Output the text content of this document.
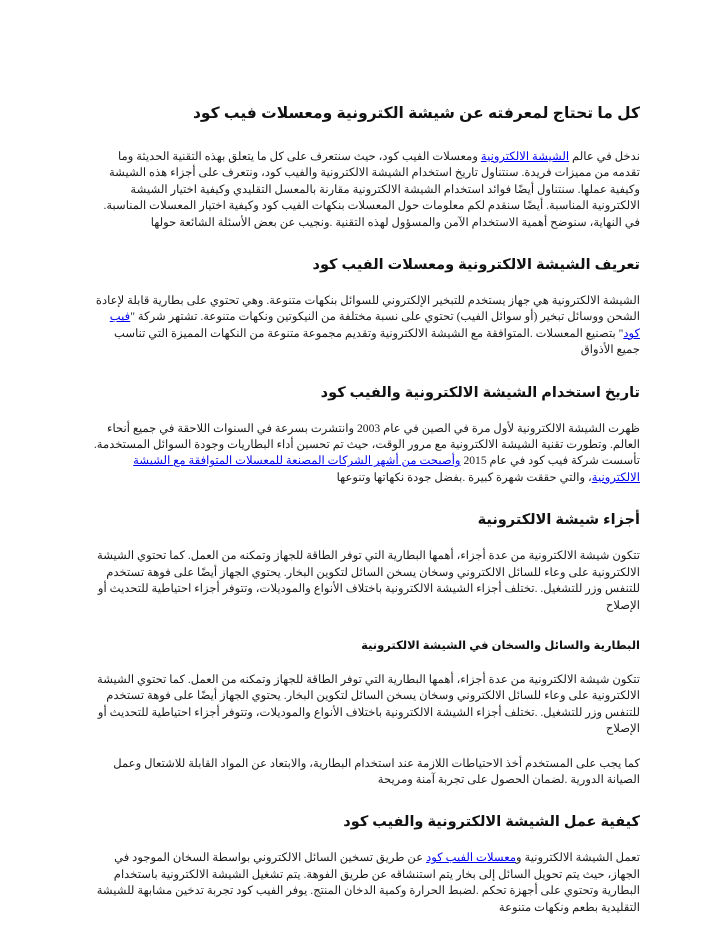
كل ما تحتاج لمعرفته عن شيشة الكترونية ومعسلات فيب كود

ندخل في عالم الشيشة الالكترونية ومعسلات الفيب كود، حيث سنتعرف على كل ما يتعلق بهذه التقنية الحديثة وما تقدمه من مميزات فريدة. سنتناول تاريخ استخدام الشيشة الالكترونية والفيب كود، ونتعرف على أجزاء هذه الشيشة وكيفية عملها. سنتناول أيضًا فوائد استخدام الشيشة الالكترونية مقارنة بالمعسل التقليدي وكيفية اختيار الشيشة الالكترونية المناسبة. أيضًا سنقدم لكم معلومات حول المعسلات بنكهات الفيب كود وكيفية اختيار المعسلات المناسبة. في النهاية، سنوضح أهمية الاستخدام الآمن والمسؤول لهذه التقنية .ونجيب عن بعض الأسئلة الشائعة حولها

تعريف الشيشة الالكترونية ومعسلات الفيب كود

الشيشة الالكترونية هي جهاز يستخدم للتبخير الإلكتروني للسوائل بنكهات متنوعة. وهي تحتوي على بطارية قابلة لإعادة الشحن ووسائل تبخير (أو سوائل الفيب) تحتوي على نسبة مختلفة من النيكوتين ونكهات متنوعة. تشتهر شركة "فيب كود" بتصنيع المعسلات .المتوافقة مع الشيشة الالكترونية وتقديم مجموعة متنوعة من النكهات المميزة التي تناسب جميع الأذواق

تاريخ استخدام الشيشة الالكترونية والفيب كود

ظهرت الشيشة الالكترونية لأول مرة في الصين في عام 2003 وانتشرت بسرعة في السنوات اللاحقة في جميع أنحاء العالم. وتطورت تقنية الشيشة الالكترونية مع مرور الوقت، حيث تم تحسين أداء البطاريات وجودة السوائل المستخدمة. تأسست شركة فيب كود في عام 2015 وأصبحت من أشهر الشركات المصنعة للمعسلات المتوافقة مع الشيشة الالكترونية، والتي حققت شهرة كبيرة .بفضل جودة نكهاتها وتنوعها

أجزاء شيشة الالكترونية

تتكون شيشة الالكترونية من عدة أجزاء، أهمها البطارية التي توفر الطاقة للجهاز وتمكنه من العمل. كما تحتوي الشيشة الالكترونية على وعاء للسائل الالكتروني وسخان يسخن السائل لتكوين البخار. يحتوي الجهاز أيضًا على فوهة تستخدم للتنفس وزر للتشغيل. .تختلف أجزاء الشيشة الالكترونية باختلاف الأنواع والموديلات، وتتوفر أجزاء احتياطية للتحديث أو الإصلاح

البطارية والسائل والسخان في الشيشة الالكترونية

تتكون شيشة الالكترونية من عدة أجزاء، أهمها البطارية التي توفر الطاقة للجهاز وتمكنه من العمل. كما تحتوي الشيشة الالكترونية على وعاء للسائل الالكتروني وسخان يسخن السائل لتكوين البخار. يحتوي الجهاز أيضًا على فوهة تستخدم للتنفس وزر للتشغيل. .تختلف أجزاء الشيشة الالكترونية باختلاف الأنواع والموديلات، وتتوفر أجزاء احتياطية للتحديث أو الإصلاح

كما يجب على المستخدم أخذ الاحتياطات اللازمة عند استخدام البطارية، والابتعاد عن المواد القابلة للاشتعال وعمل الصيانة الدورية .لضمان الحصول على تجربة آمنة ومريحة

كيفية عمل الشيشة الالكترونية والفيب كود

تعمل الشيشة الالكترونية ومعسلات الفيب كود عن طريق تسخين السائل الالكتروني بواسطة السخان الموجود في الجهاز، حيث يتم تحويل السائل إلى بخار يتم استنشاقه عن طريق الفوهة. يتم تشغيل الشيشة الالكترونية باستخدام البطارية وتحتوي على أجهزة تحكم .لضبط الحرارة وكمية الدخان المنتج. يوفر الفيب كود تجربة تدخين مشابهة للشيشة التقليدية بطعم ونكهات متنوعة
